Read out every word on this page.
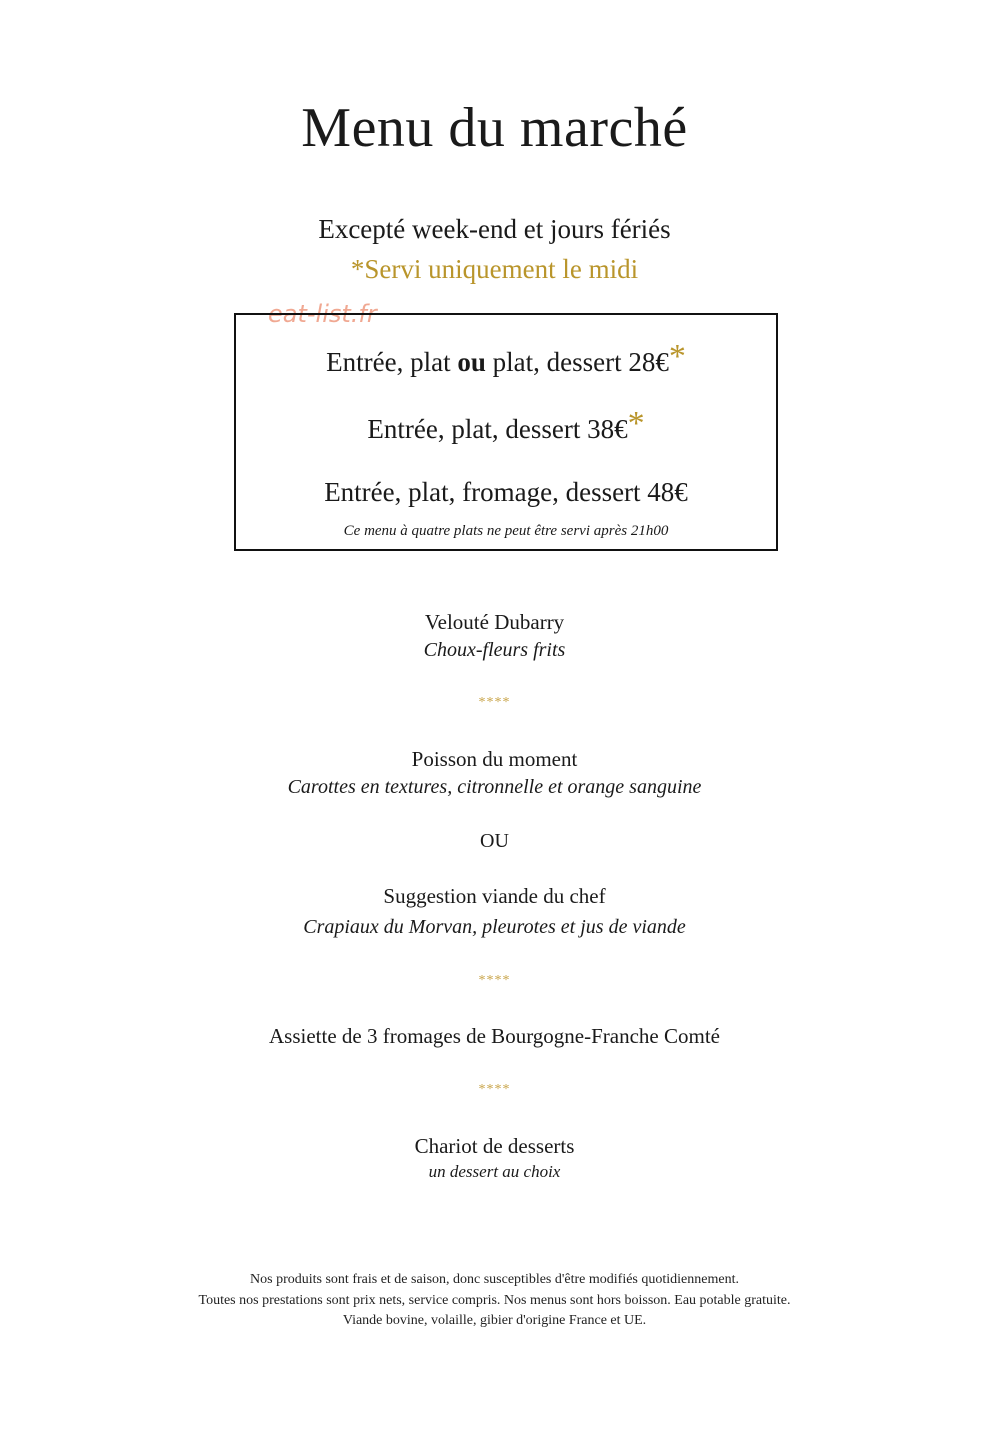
Menu du marché
Excepté week-end et jours fériés
*Servi uniquement le midi
eat-list.fr
Entrée, plat ou plat, dessert 28€*
Entrée, plat, dessert 38€*
Entrée, plat, fromage, dessert 48€
Ce menu à quatre plats ne peut être servi après 21h00
Velouté Dubarry
Choux-fleurs frits
****
Poisson du moment
Carottes en textures, citronnelle et orange sanguine
OU
Suggestion viande du chef
Crapiaux du Morvan, pleurotes et jus de viande
****
Assiette de 3 fromages de Bourgogne-Franche Comté
****
Chariot de desserts
un dessert au choix
Nos produits sont frais et de saison, donc susceptibles d'être modifiés quotidiennement.
Toutes nos prestations sont prix nets, service compris. Nos menus sont hors boisson. Eau potable gratuite.
Viande bovine, volaille, gibier d'origine France et UE.
